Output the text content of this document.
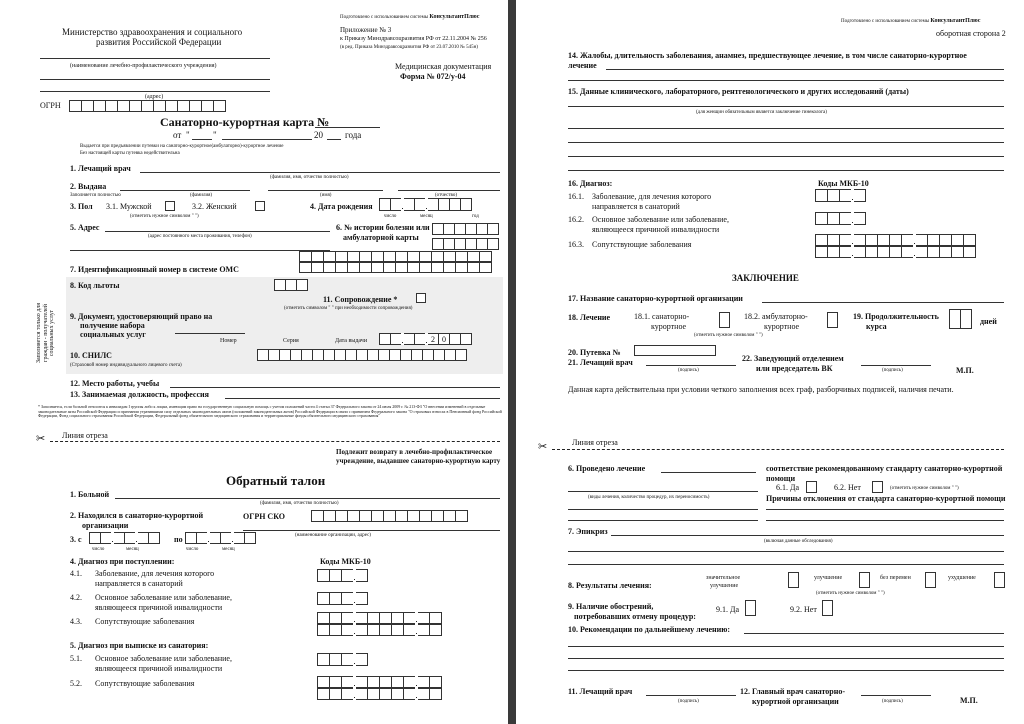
Подготовлено с использованием системы КонсультантПлюс
Министерство здравоохранения и социального
развития Российской Федерации
Приложение № 3
к Приказу Минздравсоцразвития РФ от 22.11.2004 № 256
(в ред. Приказа Минздравсоцразвития РФ от 23.07.2010 № 545н)
(наименование лечебно-профилактического учреждения)
(адрес)
Медицинская документация
Форма № 072/у-04
ОГРН
Санаторно-курортная карта №
от "	"	20 года
Выдается при предъявлении путевки на санаторно-курортное(амбулаторно)-курортное лечение
Без настоящей карты путевка недействительна
1. Лечащий врач
(фамилия, имя, отчество полностью)
2. Выдана
Заполняется полностью	(фамилия)	(имя)	(отчество)
3. Пол 3.1. Мужской	3.2. Женский
(отметить нужное символом " ")
4. Дата рождения
число	месяц	год
5. Адрес
(адрес постоянного места проживания, телефон)
6. № истории болезни или
амбулаторной карты
7. Идентификационный номер в системе ОМС
Заполняется только для граждан - получателей социальных услуг
8. Код льготы
11. Сопровождение *
(отметить символом " " при необходимости сопровождения)
9. Документ, удостоверяющий право на
получение набора
социальных услуг
Номер	Серия	Дата выдачи	2 0
10. СНИЛС
(Страховой номер индивидуального лицевого счета)
12. Место работы, учебы
13. Занимаемая должность, профессия
* Заполняется, если больной относится к инвалидам I группы либо к лицам, имеющим право на государственную социальную помощь с учетом положений части 4 статьи 37 Федерального закона от 24 июля 2009 г. № 213-ФЗ "О внесении изменений в отдельные законодательные акты Российской Федерации и признании утратившими силу отдельных законодательных актов (положений законодательных актов) Российской Федерации в связи с принятием Федерального закона "О страховых взносах в Пенсионный фонд Российской Федерации, Фонд социального страхования Российской Федерации, Федеральный фонд обязательного медицинского страхования и территориальные фонды обязательного медицинского страхования"
✂ Линия отреза
Подлежит возврату в лечебно-профилактическое
учреждение, выдавшее санаторно-курортную карту
Обратный талон
1. Больной
(фамилия, имя, отчество полностью)
2. Находился в санаторно-курортной
организации
ОГРН СКО
(наименование организации, адрес)
3. с	по
число	месяц	число	месяц
4. Диагноз при поступлении:	Коды МКБ-10
4.1. Заболевание, для лечения которого
направляется в санаторий
4.2. Основное заболевание или заболевание,
являющееся причиной инвалидности
4.3. Сопутствующие заболевания
5. Диагноз при выписке из санатория:
5.1. Основное заболевание или заболевание,
являющееся причиной инвалидности
5.2. Сопутствующие заболевания
Подготовлено с использованием системы КонсультантПлюс
оборотная сторона 2
14. Жалобы, длительность заболевания, анамнез, предшествующее лечение, в том числе санаторно-курортное
лечение
15. Данные клинического, лабораторного, рентгенологического и других исследований (даты)
(для женщин обязательным является заключение гинеколога)
16. Диагноз:	Коды МКБ-10
16.1. Заболевание, для лечения которого
направляется в санаторий
16.2. Основное заболевание или заболевание,
являющееся причиной инвалидности
16.3. Сопутствующие заболевания
ЗАКЛЮЧЕНИЕ
17. Название санаторно-курортной организации
18. Лечение	18.1. санаторно-
курортное
18.2. амбулаторно-
курортное
(отметить нужное символом " ")
19. Продолжительность
курса
дней
20. Путевка №
21. Лечащий врач
(подпись)
22. Заведующий отделением
или председатель ВК	(подпись)	М.П.
Данная карта действительна при условии четкого заполнения всех граф, разборчивых подписей, наличия печати.
✂	Линия отреза
6. Проведено лечение	соответствие рекомендованному стандарту санаторно-курортной
помощи
6.1. Да	6.2. Нет	(отметить нужное символом " ")
(виды лечения, количество процедур, их переносимость)	Причины отклонения от стандарта санаторно-курортной помощи
7. Эпикриз
(включая данные обследования)
8. Результаты лечения:
значительное
улучшение
улучшение	без перемен	ухудшение
(отметить нужное символом " ")
9. Наличие обострений,
потребовавших отмену процедур:
9.1. Да	9.2. Нет
10. Рекомендации по дальнейшему лечению:
11. Лечащий врач
(подпись)
12. Главный врач санаторно-
курортной организации	(подпись)	М.П.
